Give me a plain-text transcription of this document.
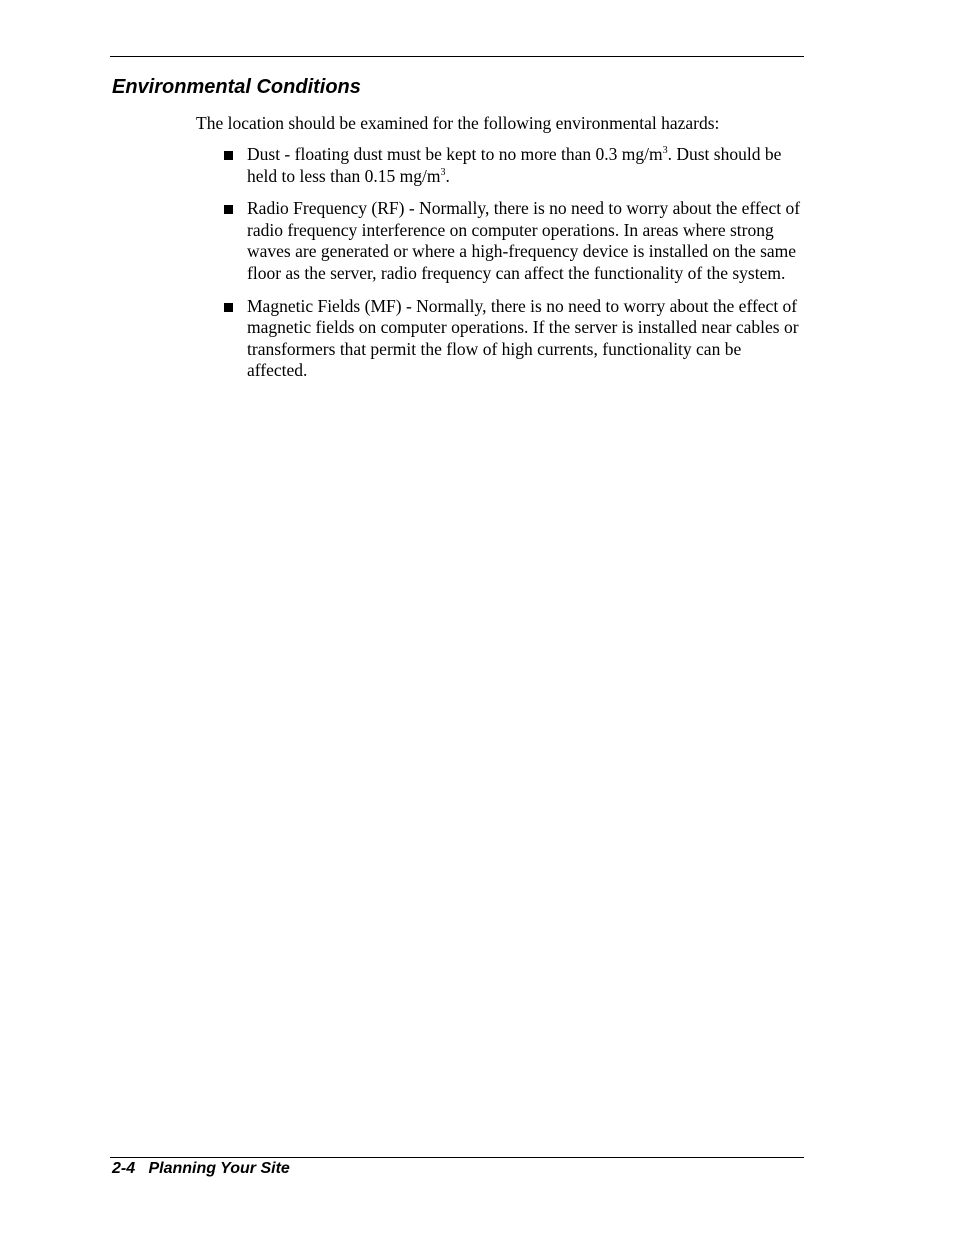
Environmental Conditions

The location should be examined for the following environmental hazards:

Dust - floating dust must be kept to no more than 0.3 $mg/m^3$. Dust should be held to less than 0.15 $mg/m^3$.
Radio Frequency (RF) - Normally, there is no need to worry about the effect of radio frequency interference on computer operations. In areas where strong waves are generated or where a high-frequency device is installed on the same floor as the server, radio frequency can affect the functionality of the system.
Magnetic Fields (MF) - Normally, there is no need to worry about the effect of magnetic fields on computer operations. If the server is installed near cables or transformers that permit the flow of high currents, functionality can be affected.

2-4 Planning Your Site
